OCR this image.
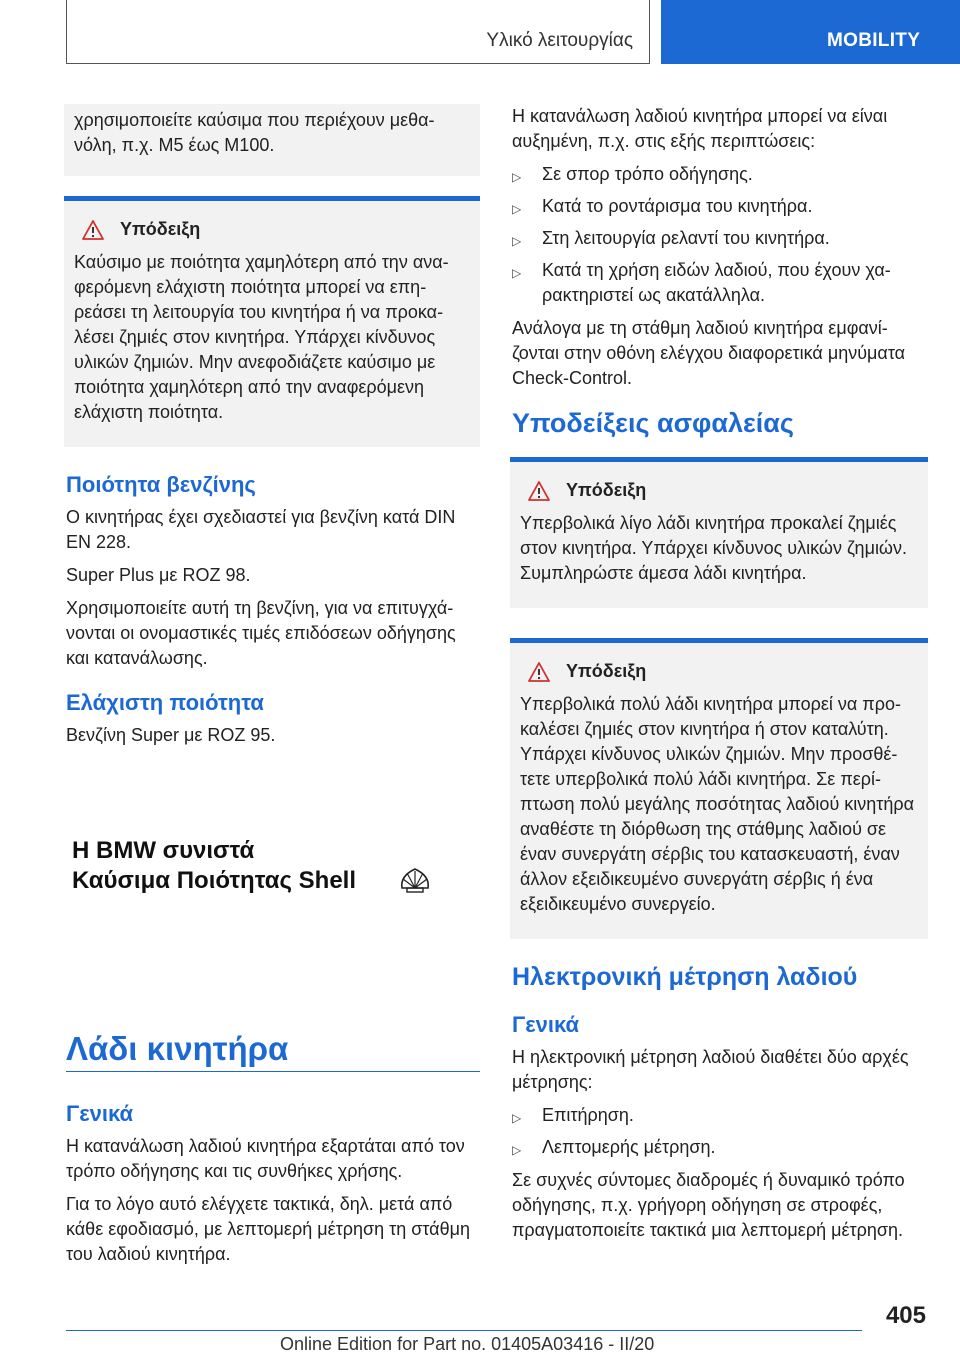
Υλικό λειτουργίας	MOBILITY

χρησιμοποιείτε καύσιμα που περιέχουν μεθανόλη, π.χ. M5 έως M100.

Υπόδειξη

Καύσιμο με ποιότητα χαμηλότερη από την αναφερόμενη ελάχιστη ποιότητα μπορεί να επηρεάσει τη λειτουργία του κινητήρα ή να προκαλέσει ζημιές στον κινητήρα. Υπάρχει κίνδυνος υλικών ζημιών. Μην ανεφοδιάζετε καύσιμο με ποιότητα χαμηλότερη από την αναφερόμενη ελάχιστη ποιότητα.

Ποιότητα βενζίνης

Ο κινητήρας έχει σχεδιαστεί για βενζίνη κατά DIN EN 228.

Super Plus με ROZ 98.

Χρησιμοποιείτε αυτή τη βενζίνη, για να επιτυγχάνονται οι ονομαστικές τιμές επιδόσεων οδήγησης και κατανάλωσης.

Ελάχιστη ποιότητα

Βενζίνη Super με ROZ 95.

Η BMW συνιστά
Καύσιμα Ποιότητας Shell
Λάδι κινητήρα
Γενικά

Η κατανάλωση λαδιού κινητήρα εξαρτάται από τον τρόπο οδήγησης και τις συνθήκες χρήσης.

Για το λόγο αυτό ελέγχετε τακτικά, δηλ. μετά από κάθε εφοδιασμό, με λεπτομερή μέτρηση τη στάθμη του λαδιού κινητήρα.

Η κατανάλωση λαδιού κινητήρα μπορεί να είναι αυξημένη, π.χ. στις εξής περιπτώσεις:

▷ Σε σπορ τρόπο οδήγησης.
▷ Κατά το ροντάρισμα του κινητήρα.
▷ Στη λειτουργία ρελαντί του κινητήρα.
▷ Κατά τη χρήση ειδών λαδιού, που έχουν χαρακτηριστεί ως ακατάλληλα.

Ανάλογα με τη στάθμη λαδιού κινητήρα εμφανίζονται στην οθόνη ελέγχου διαφορετικά μηνύματα Check-Control.

Υποδείξεις ασφαλείας
Υπόδειξη

Υπερβολικά λίγο λάδι κινητήρα προκαλεί ζημιές στον κινητήρα. Υπάρχει κίνδυνος υλικών ζημιών. Συμπληρώστε άμεσα λάδι κινητήρα.

Υπόδειξη

Υπερβολικά πολύ λάδι κινητήρα μπορεί να προκαλέσει ζημιές στον κινητήρα ή στον καταλύτη. Υπάρχει κίνδυνος υλικών ζημιών. Μην προσθέτετε υπερβολικά πολύ λάδι κινητήρα. Σε περίπτωση πολύ μεγάλης ποσότητας λαδιού κινητήρα αναθέστε τη διόρθωση της στάθμης λαδιού σε έναν συνεργάτη σέρβις του κατασκευαστή, έναν άλλον εξειδικευμένο συνεργάτη σέρβις ή ένα εξειδικευμένο συνεργείο.

Ηλεκτρονική μέτρηση λαδιού
Γενικά

Η ηλεκτρονική μέτρηση λαδιού διαθέτει δύο αρχές μέτρησης:

▷ Επιτήρηση.
▷ Λεπτομερής μέτρηση.

Σε συχνές σύντομες διαδρομές ή δυναμικό τρόπο οδήγησης, π.χ. γρήγορη οδήγηση σε στροφές, πραγματοποιείτε τακτικά μια λεπτομερή μέτρηση.

405
Online Edition for Part no. 01405A03416 - II/20
